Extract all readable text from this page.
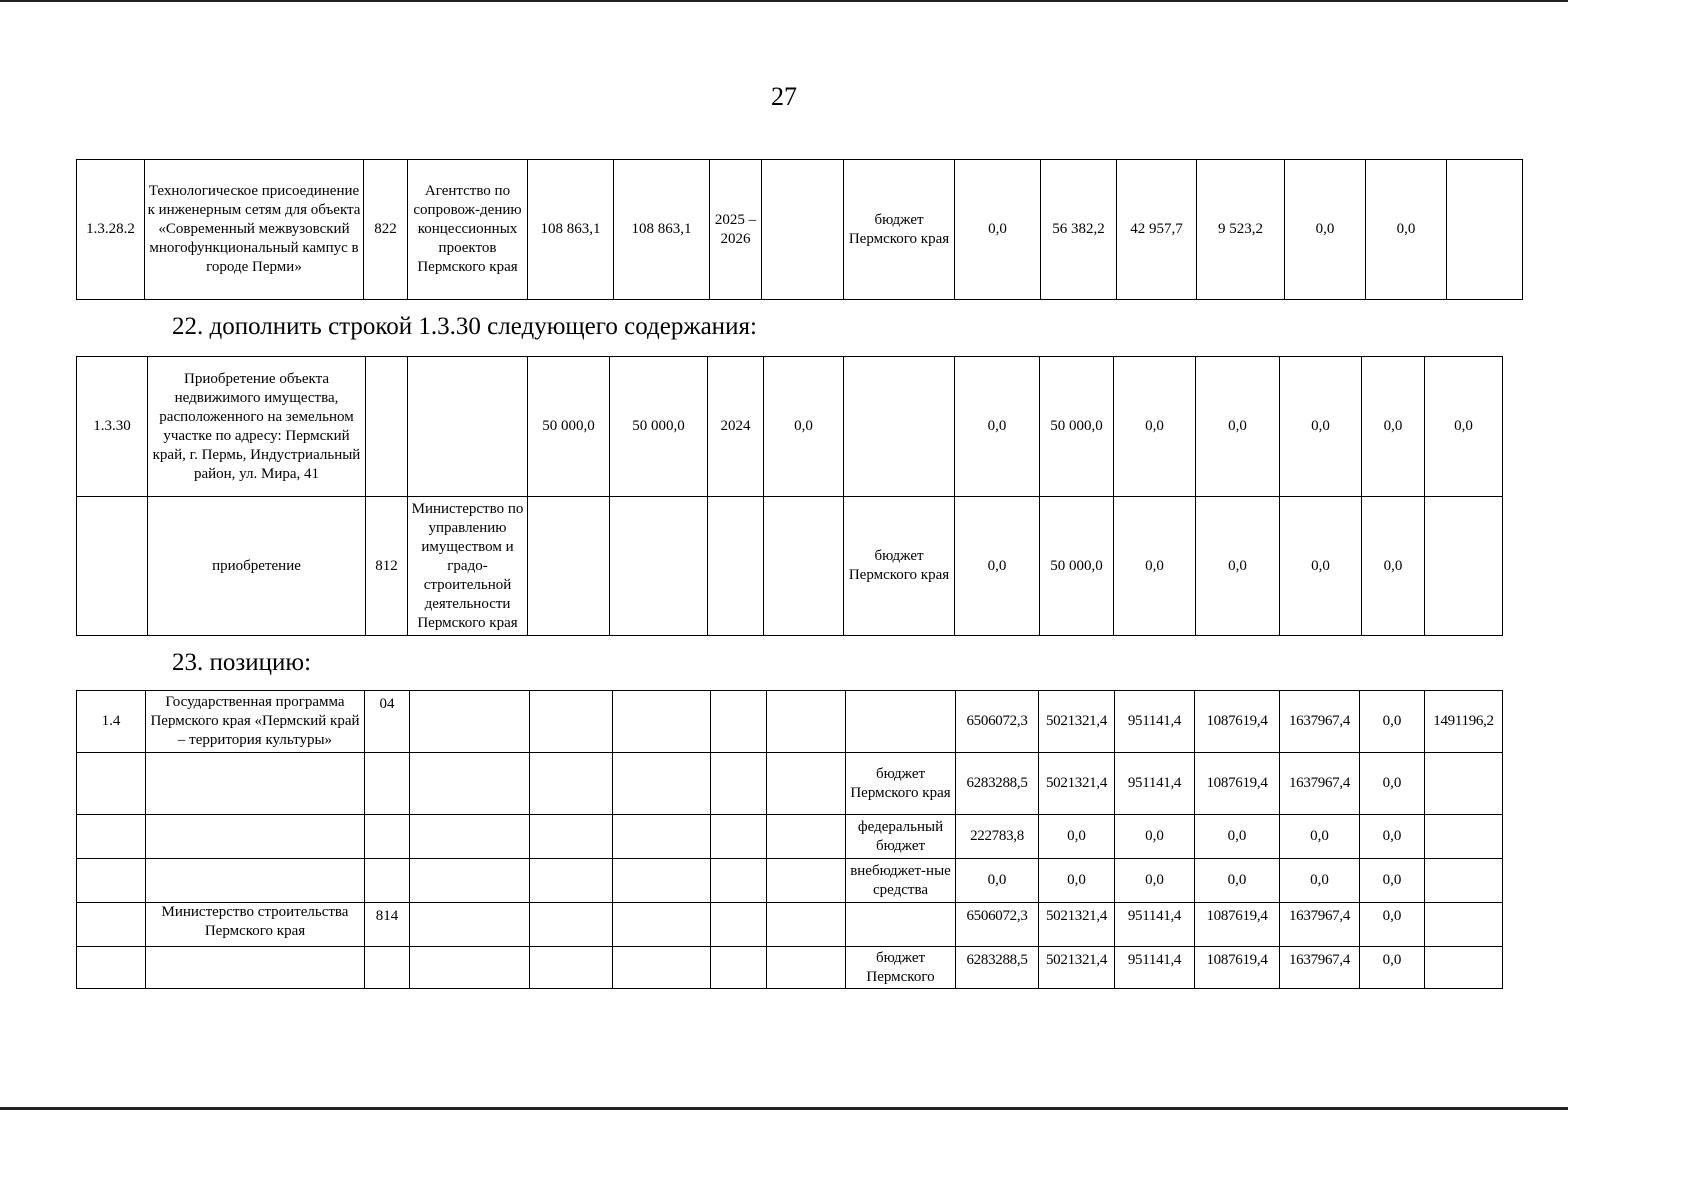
27
1.3.28.2	Технологическое присоединение к инженерным сетям для объекта «Современный межвузовский многофункциональный кампус в городе Перми»	822	Агентство по сопровож-дению концессионных проектов Пермского края	108 863,1	108 863,1	2025 – 2026		бюджет Пермского края	0,0	56 382,2	42 957,7	9 523,2	0,0	0,0	
22. дополнить строкой 1.3.30 следующего содержания:
1.3.30	Приобретение объекта недвижимого имущества, расположенного на земельном участке по адресу: Пермский край, г. Пермь, Индустриальный район, ул. Мира, 41			50 000,0	50 000,0	2024	0,0		0,0	50 000,0	0,0	0,0	0,0	0,0	0,0
	приобретение	812	Министерство по управлению имуществом и градо-строительной деятельности Пермского края					бюджет Пермского края	0,0	50 000,0	0,0	0,0	0,0	0,0	
23. позицию:
1.4	Государственная программа Пермского края «Пермский край – территория культуры»	04							6506072,3	5021321,4	951141,4	1087619,4	1637967,4	0,0	1491196,2
								бюджет Пермского края	6283288,5	5021321,4	951141,4	1087619,4	1637967,4	0,0	
								федеральный бюджет	222783,8	0,0	0,0	0,0	0,0	0,0	
								внебюджет-ные средства	0,0	0,0	0,0	0,0	0,0	0,0	
	Министерство строительства Пермского края	814							6506072,3	5021321,4	951141,4	1087619,4	1637967,4	0,0	
								бюджет Пермского	6283288,5	5021321,4	951141,4	1087619,4	1637967,4	0,0	
